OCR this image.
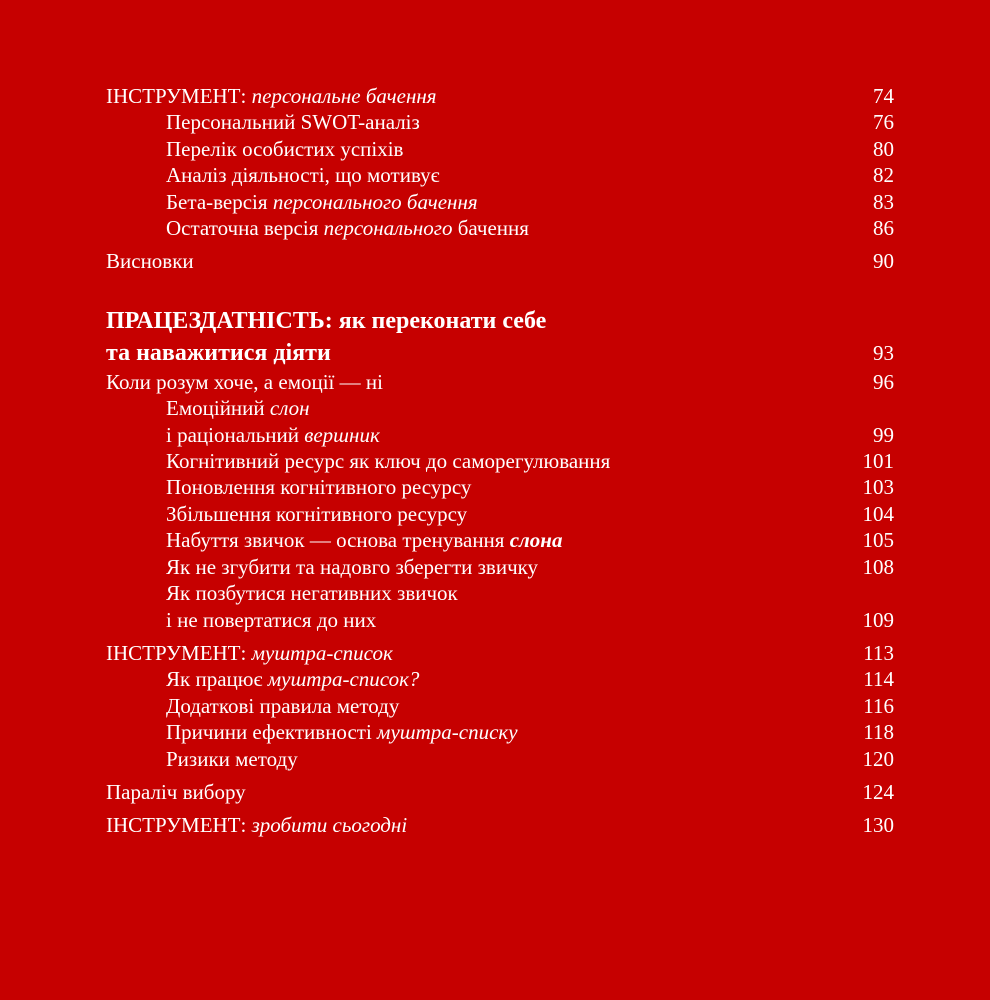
ІНСТРУМЕНТ: персональне бачення	74
Персональний SWOT-аналіз	76
Перелік особистих успіхів	80
Аналіз діяльності, що мотивує	82
Бета-версія персонального бачення	83
Остаточна версія персонального бачення	86
Висновки	90
ПРАЦЕЗДАТНІСТЬ: як переконати себе
та наважитися діяти	93
Коли розум хоче, а емоції — ні	96
Емоційний слон
і раціональний вершник	99
Когнітивний ресурс як ключ до саморегулювання	101
Поновлення когнітивного ресурсу	103
Збільшення когнітивного ресурсу	104
Набуття звичок — основа тренування слона	105
Як не згубити та надовго зберегти звичку	108
Як позбутися негативних звичок
і не повертатися до них	109
ІНСТРУМЕНТ: муштра-список	113
Як працює муштра-список?	114
Додаткові правила методу	116
Причини ефективності муштра-списку	118
Ризики методу	120
Параліч вибору	124
ІНСТРУМЕНТ: зробити сьогодні	130
